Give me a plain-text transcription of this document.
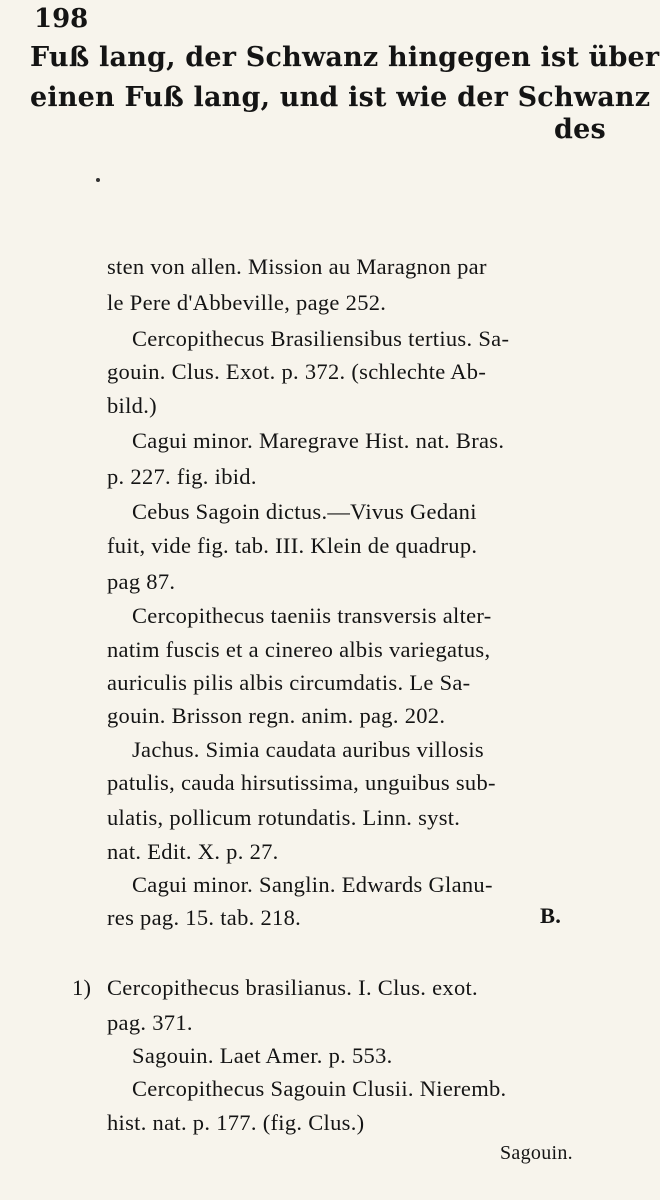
198
Fuß lang, der Schwanz hingegen ist über
einen Fuß lang, und ist wie der Schwanz
des
sten von allen. Mission au Maragnon par
le Pere d'Abbeville, page 252.
Cercopithecus Brasiliensibus tertius. Sa-
gouin. Clus. Exot. p. 372. (schlechte Ab-
bild.)
Cagui minor. Maregrave Hist. nat. Bras.
p. 227. fig. ibid.
Cebus Sagoin dictus.—Vivus Gedani
fuit, vide fig. tab. III. Klein de quadrup.
pag 87.
Cercopithecus taeniis transversis alter-
natim fuscis et a cinereo albis variegatus,
auriculis pilis albis circumdatis. Le Sa-
gouin. Brisson regn. anim. pag. 202.
Jachus. Simia caudata auribus villosis
patulis, cauda hirsutissima, unguibus sub-
ulatis, pollicum rotundatis. Linn. syst.
nat. Edit. X. p. 27.
Cagui minor. Sanglin. Edwards Glanu-
res pag. 15. tab. 218.	B.
1) Cercopithecus brasilianus. I. Clus. exot.
pag. 371.
Sagouin. Laet Amer. p. 553.
Cercopithecus Sagouin Clusii. Nieremb.
hist. nat. p. 177. (fig. Clus.)
Sagouin.
